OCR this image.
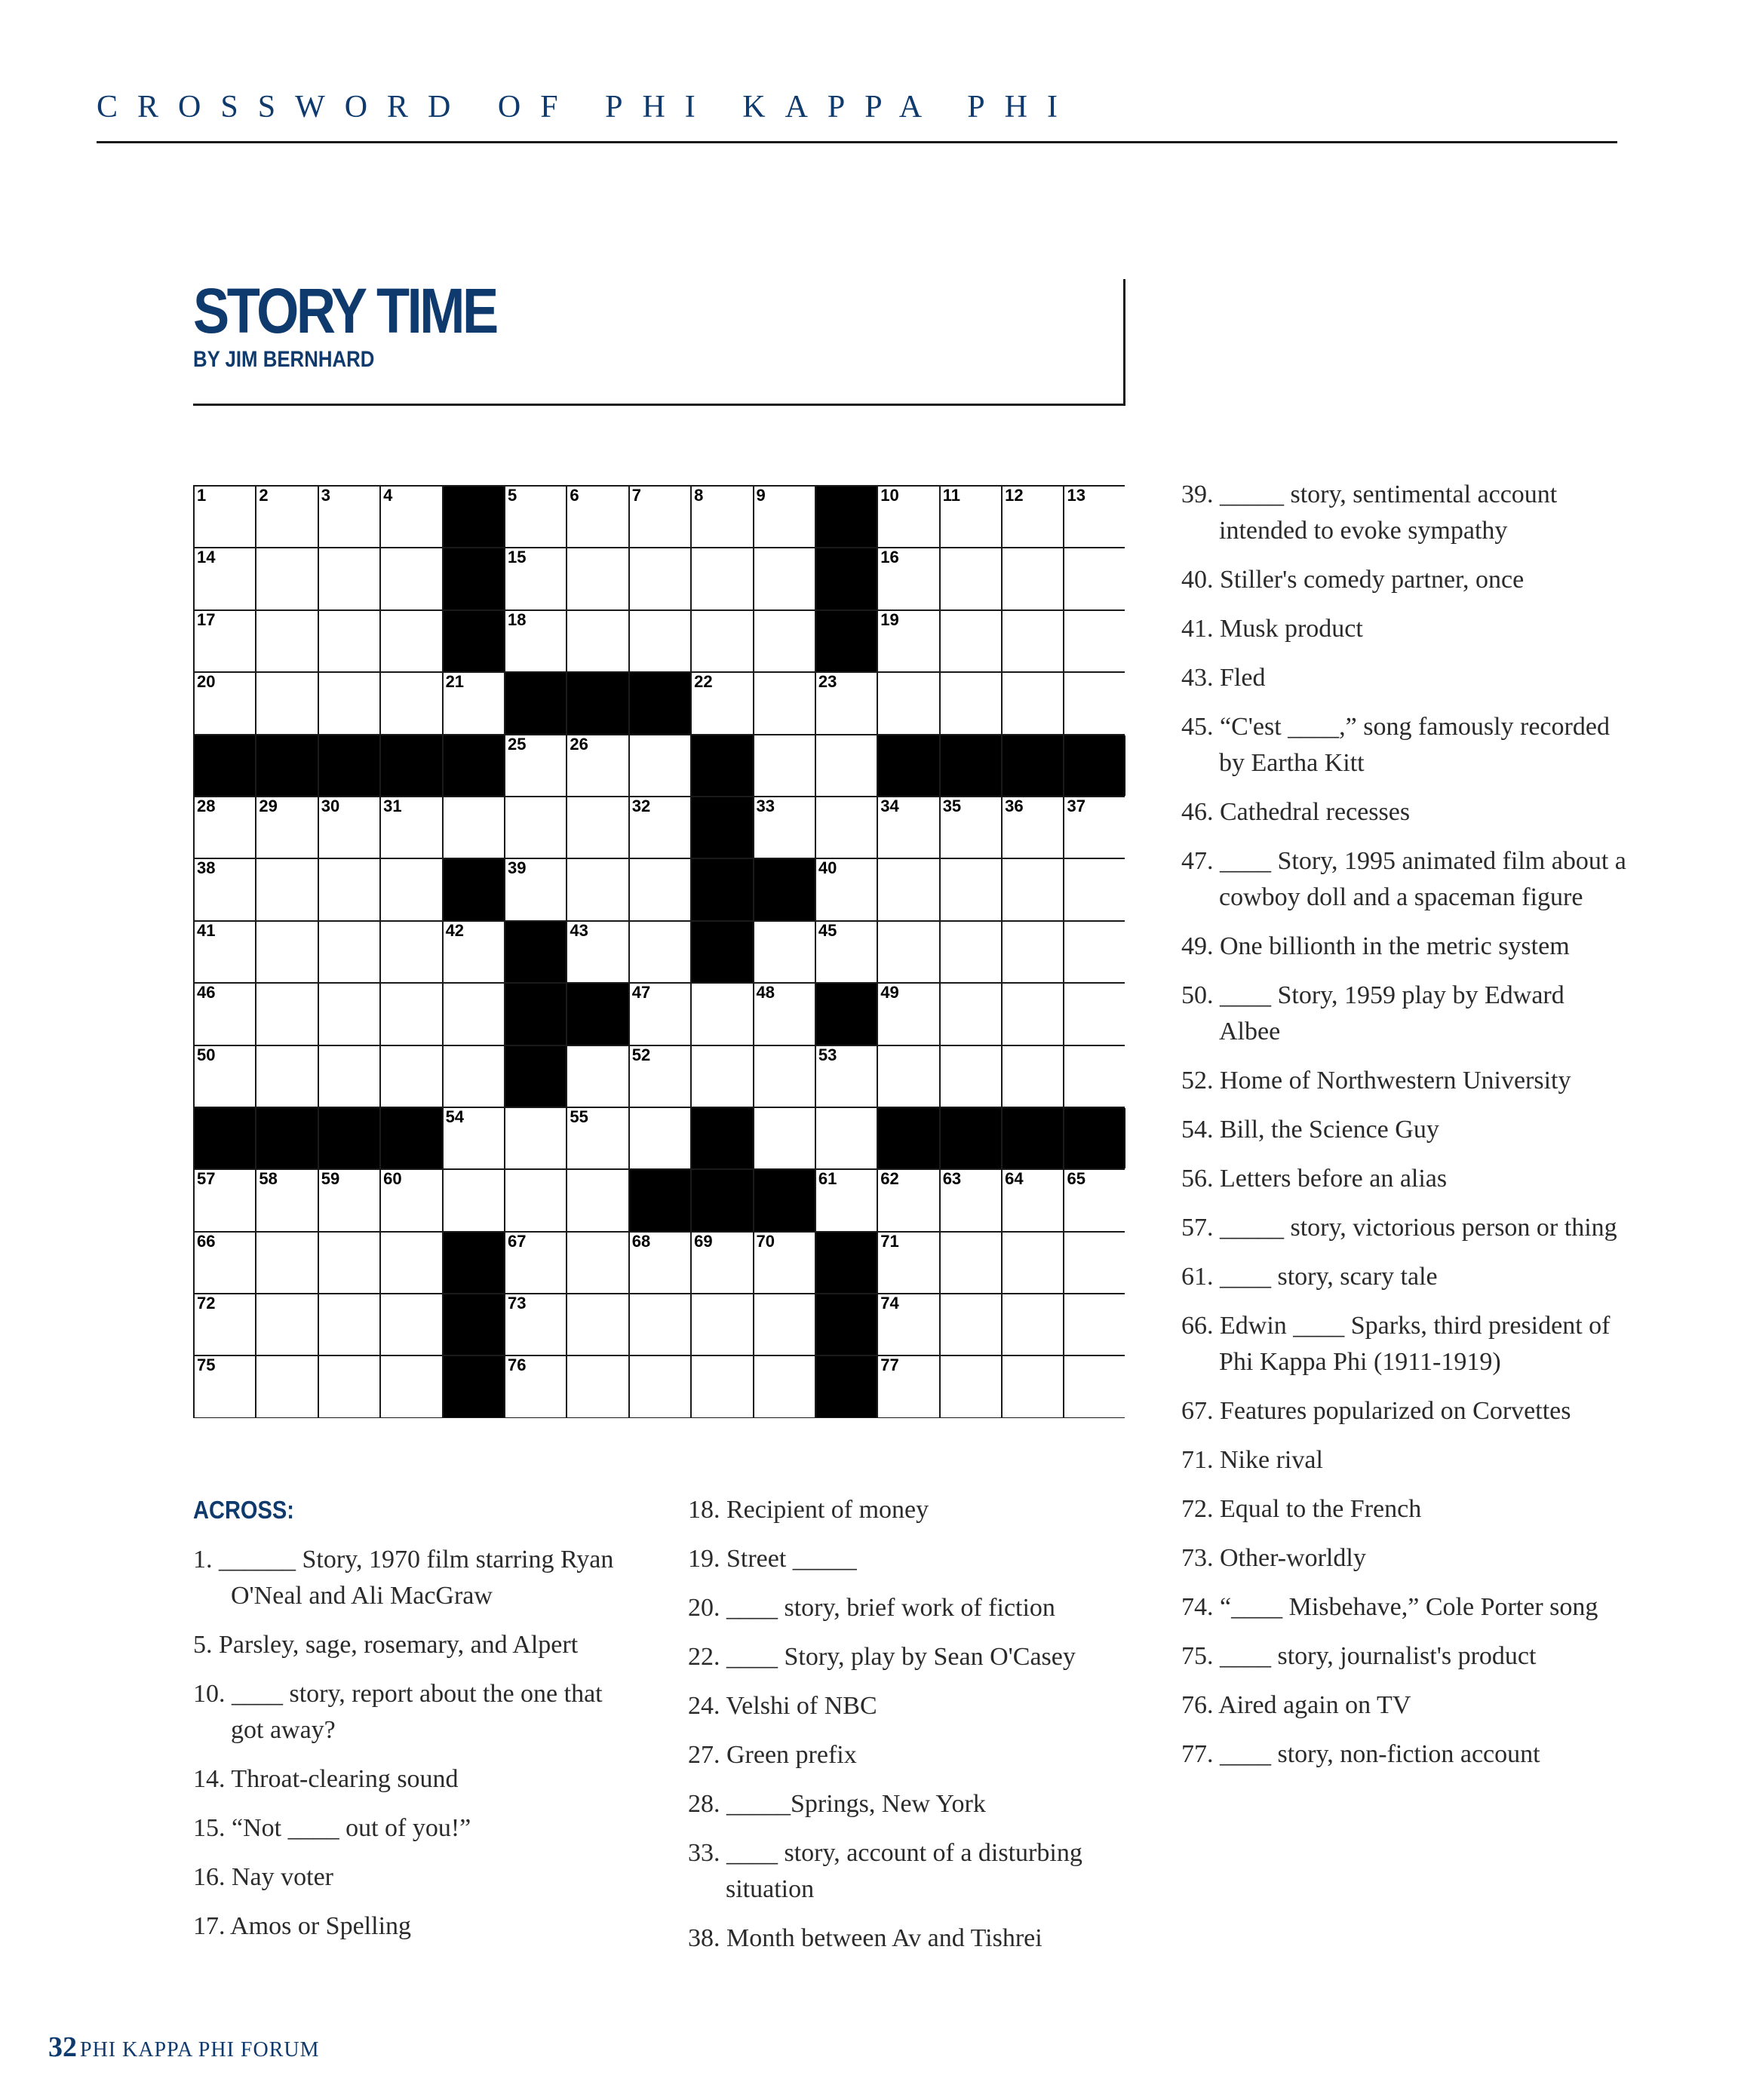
CROSSWORD OF PHI KAPPA PHI
STORY TIME
BY JIM BERNHARD
1	2	3	4	5	6	7	8	9	10	11	12	13
14	15	16
17	18	19
20	21	22	23
25	26
28	29	30	31	32	33	34	35	36	37
38	39	40
41	42	43	45
46	47	48	49
50	52	53
54	55
57	58	59	60	61	62	63	64	65
66	67	68	69	70	71
72	73	74
75	76	77
ACROSS:
1. ______ Story, 1970 film starring Ryan O'Neal and Ali MacGraw
5. Parsley, sage, rosemary, and Alpert
10. ____ story, report about the one that got away?
14. Throat-clearing sound
15. “Not ____ out of you!”
16. Nay voter
17. Amos or Spelling
18. Recipient of money
19. Street _____
20. ____ story, brief work of fiction
22. ____ Story, play by Sean O'Casey
24. Velshi of NBC
27. Green prefix
28. _____Springs, New York
33. ____ story, account of a disturbing situation
38. Month between Av and Tishrei
39. _____ story, sentimental account intended to evoke sympathy
40. Stiller's comedy partner, once
41. Musk product
43. Fled
45. “C'est ____,” song famously recorded by Eartha Kitt
46. Cathedral recesses
47. ____ Story, 1995 animated film about a cowboy doll and a spaceman figure
49. One billionth in the metric system
50. ____ Story, 1959 play by Edward Albee
52. Home of Northwestern University
54. Bill, the Science Guy
56. Letters before an alias
57. _____ story, victorious person or thing
61. ____ story, scary tale
66. Edwin ____ Sparks, third president of Phi Kappa Phi (1911-1919)
67. Features popularized on Corvettes
71. Nike rival
72. Equal to the French
73. Other-worldly
74. “____ Misbehave,” Cole Porter song
75. ____ story, journalist's product
76. Aired again on TV
77. ____ story, non-fiction account
32 PHI KAPPA PHI FORUM
